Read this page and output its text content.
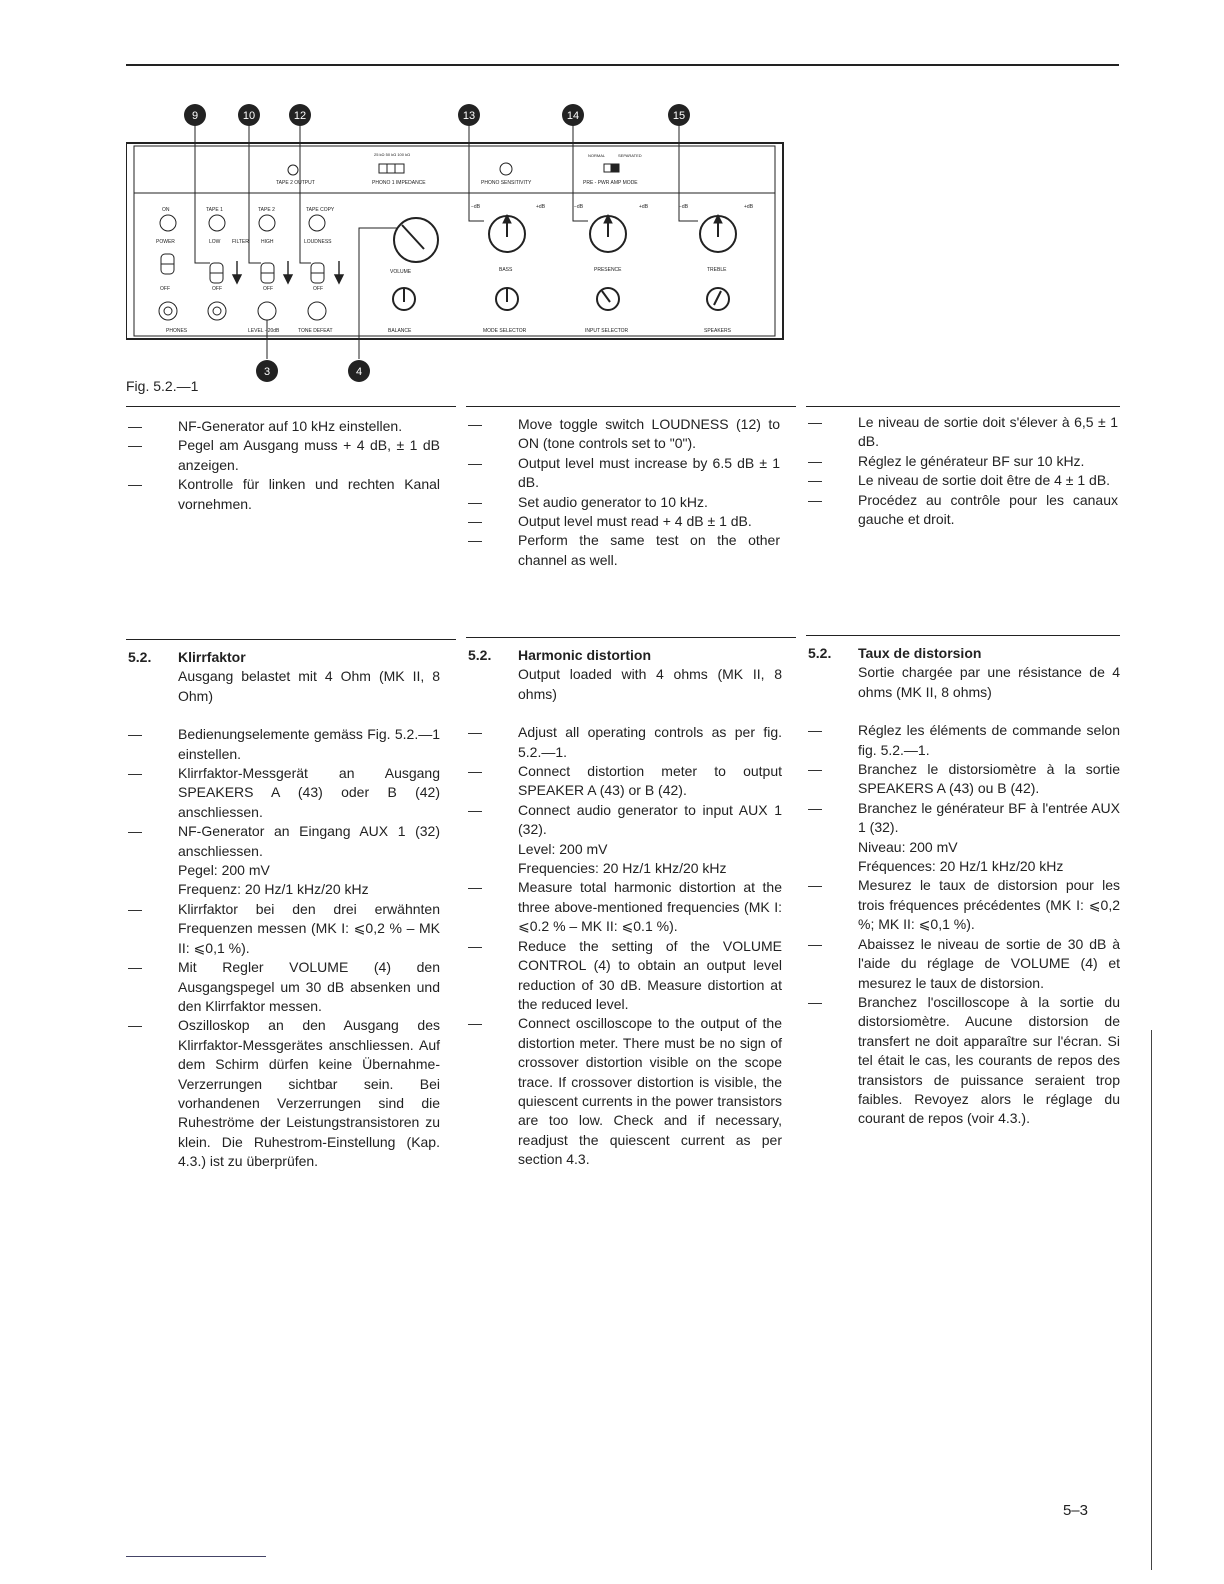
TAPE 2 OUTPUT
25 kΩ 50 kΩ 100 kΩ
PHONO 1 IMPEDANCE	PHONO SENSITIVITY
NORMAL	SEPARATED
PRE - PWR AMP MODE
ON	TAPE 1	TAPE 2	TAPE COPY
POWER	LOW FILTER HIGH	LOUDNESS
OFF	OFF	OFF	OFF
PHONES	LEVEL −20dB	TONE DEFEAT
VOLUME
BALANCE
−dB	+dB
BASS
MODE SELECTOR
−dB	+dB
PRESENCE
INPUT SELECTOR
−dB	+dB
TREBLE
SPEAKERS
9	10	12	13	14	15
3	4
Fig. 5.2.—1
—	NF-Generator auf 10 kHz einstellen.
—	Pegel am Ausgang muss + 4 dB, ± 1 dB anzeigen.
—	Kontrolle für linken und rechten Kanal vornehmen.
—	Move toggle switch LOUDNESS (12) to ON (tone controls set to "0").
—	Output level must increase by 6.5 dB ± 1 dB.
—	Set audio generator to 10 kHz.
—	Output level must read + 4 dB ± 1 dB.
—	Perform the same test on the other channel as well.
—	Le niveau de sortie doit s'élever à 6,5 ± 1 dB.
—	Réglez le générateur BF sur 10 kHz.
—	Le niveau de sortie doit être de 4 ± 1 dB.
—	Procédez au contrôle pour les canaux gauche et droit.
5.2.	Klirrfaktor

Ausgang belastet mit 4 Ohm (MK II, 8 Ohm)

—	Bedienungselemente gemäss Fig. 5.2.—1 einstellen.
—	Klirrfaktor-Messgerät an Ausgang SPEAKERS A (43) oder B (42) anschliessen.
—	NF-Generator an Eingang AUX 1 (32) anschliessen.

Pegel: 200 mV

Frequenz: 20 Hz/1 kHz/20 kHz

—	Klirrfaktor bei den drei erwähnten Frequenzen messen (MK I: ⩽0,2 % – MK II: ⩽0,1 %).
—	Mit Regler VOLUME (4) den Ausgangspegel um 30 dB absenken und den Klirrfaktor messen.
—	Oszilloskop an den Ausgang des Klirrfaktor-Messgerätes anschliessen. Auf dem Schirm dürfen keine Übernahme-Verzerrungen sichtbar sein. Bei vorhandenen Verzerrungen sind die Ruheströme der Leistungstransistoren zu klein. Die Ruhestrom-Einstellung (Kap. 4.3.) ist zu überprüfen.
5.2.	Harmonic distortion

Output loaded with 4 ohms (MK II, 8 ohms)

—	Adjust all operating controls as per fig. 5.2.—1.
—	Connect distortion meter to output SPEAKER A (43) or B (42).
—	Connect audio generator to input AUX 1 (32).

Level: 200 mV

Frequencies: 20 Hz/1 kHz/20 kHz

—	Measure total harmonic distortion at the three above-mentioned frequencies (MK I: ⩽0.2 % – MK II: ⩽0.1 %).
—	Reduce the setting of the VOLUME CONTROL (4) to obtain an output level reduction of 30 dB. Measure distortion at the reduced level.
—	Connect oscilloscope to the output of the distortion meter. There must be no sign of crossover distortion visible on the scope trace. If crossover distortion is visible, the quiescent currents in the power transistors are too low. Check and if necessary, readjust the quiescent current as per section 4.3.
5.2.	Taux de distorsion

Sortie chargée par une résistance de 4 ohms (MK II, 8 ohms)

—	Réglez les éléments de commande selon fig. 5.2.—1.
—	Branchez le distorsiomètre à la sortie SPEAKERS A (43) ou B (42).
—	Branchez le générateur BF à l'entrée AUX 1 (32).

Niveau: 200 mV

Fréquences: 20 Hz/1 kHz/20 kHz

—	Mesurez le taux de distorsion pour les trois fréquences précédentes (MK I: ⩽0,2 %; MK II: ⩽0,1 %).
—	Abaissez le niveau de sortie de 30 dB à l'aide du réglage de VOLUME (4) et mesurez le taux de distorsion.
—	Branchez l'oscilloscope à la sortie du distorsiomètre. Aucune distorsion de transfert ne doit apparaître sur l'écran. Si tel était le cas, les courants de repos des transistors de puissance seraient trop faibles. Revoyez alors le réglage du courant de repos (voir 4.3.).
5–3
